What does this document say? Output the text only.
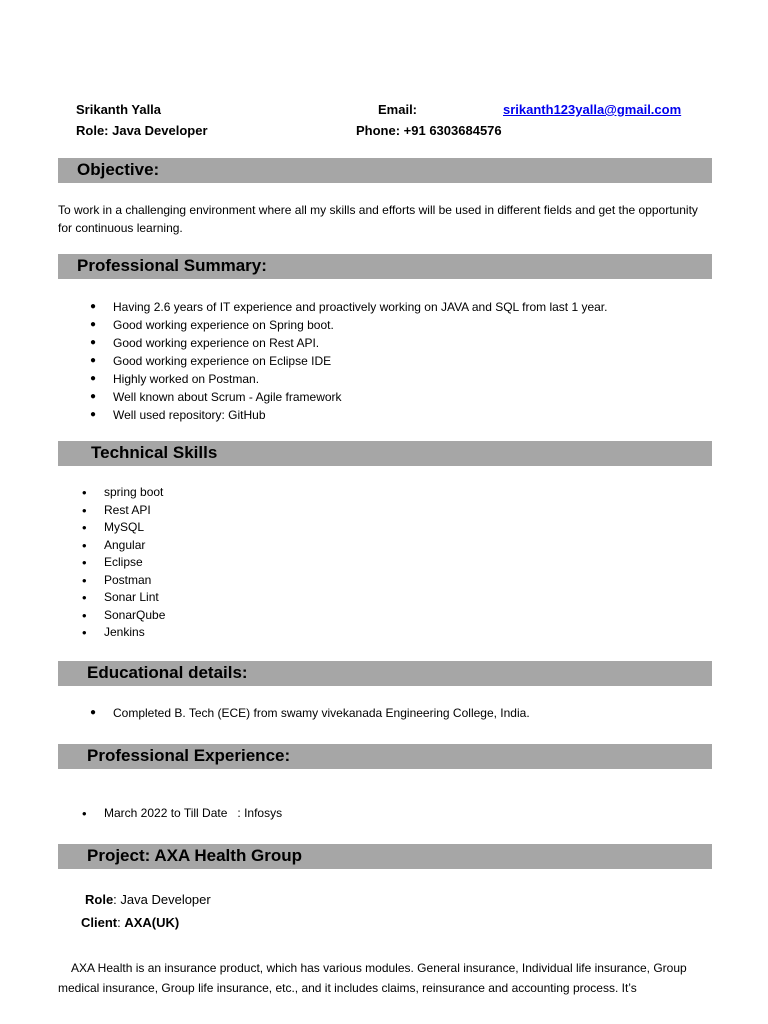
Srikanth Yalla
Role: Java Developer
Email:	srikanth123yalla@gmail.com
Phone: +91 6303684576
Objective:
To work in a challenging environment where all my skills and efforts will be used in different fields and get the opportunity for continuous learning.
Professional Summary:
● Having 2.6 years of IT experience and proactively working on JAVA and SQL from last 1 year.
● Good working experience on Spring boot.
● Good working experience on Rest API.
● Good working experience on Eclipse IDE
● Highly worked on Postman.
● Well known about Scrum - Agile framework
● Well used repository: GitHub
Technical Skills
• spring boot
• Rest API
• MySQL
• Angular
• Eclipse
• Postman
• Sonar Lint
• SonarQube
• Jenkins
Educational details:
● Completed B. Tech (ECE) from swamy vivekanada Engineering College, India.
Professional Experience:
• March 2022 to Till Date   : Infosys
Project: AXA Health Group
Role: Java Developer
Client: AXA(UK)
AXA Health is an insurance product, which has various modules. General insurance, Individual life insurance, Group medical insurance, Group life insurance, etc., and it includes claims, reinsurance and accounting process. It’s
